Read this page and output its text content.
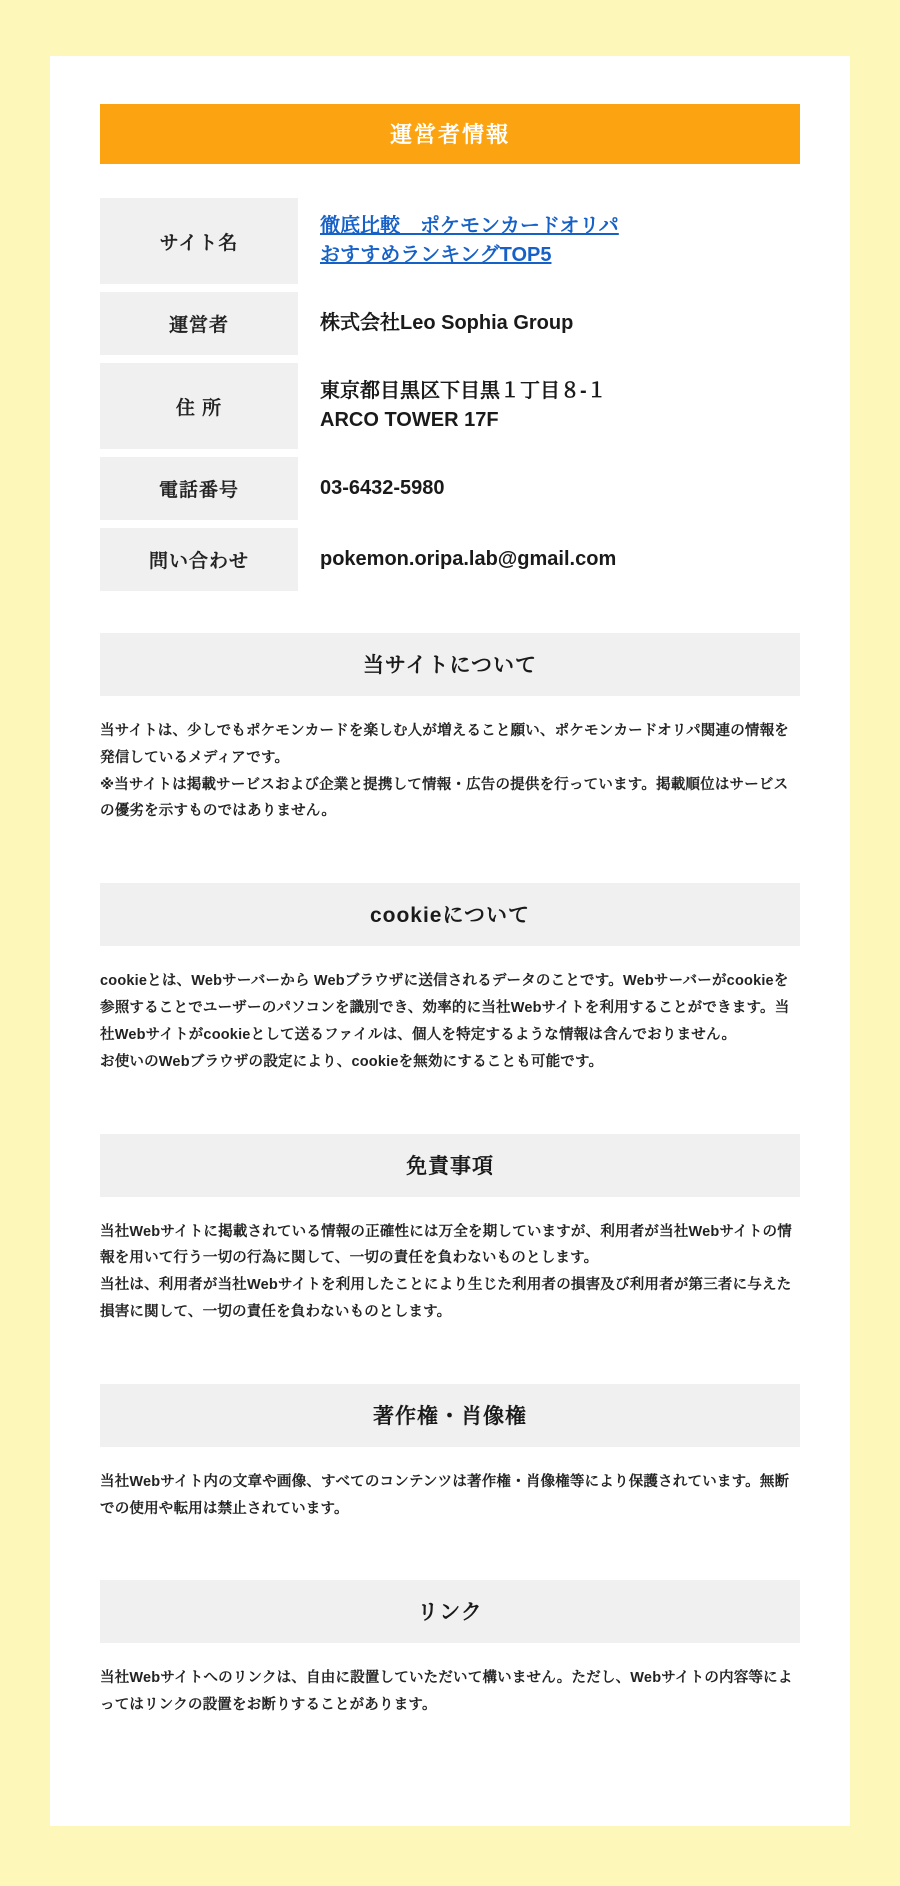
運営者情報
サイト名	徹底比較　ポケモンカードオリパ
おすすめランキングTOP5

運営者	株式会社Leo Sophia Group

住 所	東京都目黒区下目黒１丁目８-１
ARCO TOWER 17F

電話番号	03-6432-5980

問い合わせ	pokemon.oripa.lab@gmail.com
当サイトについて

当サイトは、少しでもポケモンカードを楽しむ人が増えること願い、ポケモンカードオリパ関連の情報を発信しているメディアです。

※当サイトは掲載サービスおよび企業と提携して情報・広告の提供を行っています。掲載順位はサービスの優劣を示すものではありません。

cookieについて

cookieとは、Webサーバーから Webブラウザに送信されるデータのことです。Webサーバーがcookieを参照することでユーザーのパソコンを識別でき、効率的に当社Webサイトを利用することができます。当社Webサイトがcookieとして送るファイルは、個人を特定するような情報は含んでおりません。

お使いのWebブラウザの設定により、cookieを無効にすることも可能です。

免責事項

当社Webサイトに掲載されている情報の正確性には万全を期していますが、利用者が当社Webサイトの情報を用いて行う一切の行為に関して、一切の責任を負わないものとします。

当社は、利用者が当社Webサイトを利用したことにより生じた利用者の損害及び利用者が第三者に与えた損害に関して、一切の責任を負わないものとします。

著作権・肖像権

当社Webサイト内の文章や画像、すべてのコンテンツは著作権・肖像権等により保護されています。無断での使用や転用は禁止されています。

リンク

当社Webサイトへのリンクは、自由に設置していただいて構いません。ただし、Webサイトの内容等によってはリンクの設置をお断りすることがあります。
